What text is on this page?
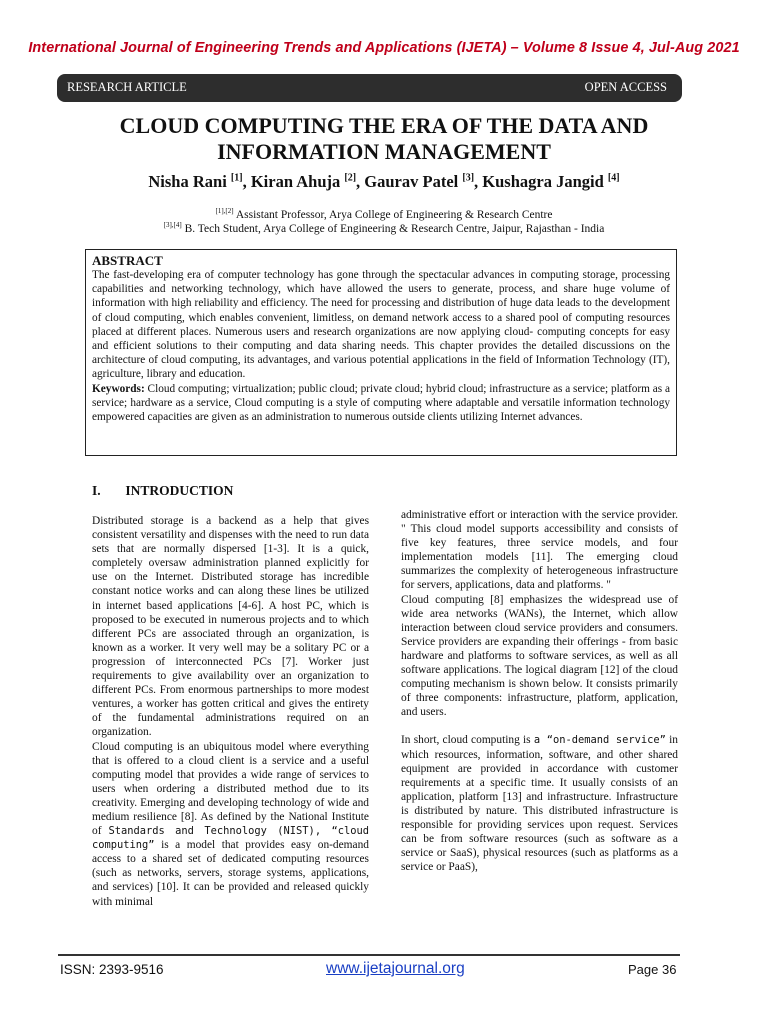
International Journal of Engineering Trends and Applications (IJETA) – Volume 8 Issue 4, Jul-Aug 2021
RESEARCH ARTICLE	OPEN ACCESS
CLOUD COMPUTING THE ERA OF THE DATA AND
INFORMATION MANAGEMENT
Nisha Rani [1], Kiran Ahuja [2], Gaurav Patel [3], Kushagra Jangid [4]
[1],[2] Assistant Professor, Arya College of Engineering & Research Centre
[3],[4] B. Tech Student, Arya College of Engineering & Research Centre, Jaipur, Rajasthan - India
ABSTRACT

The fast-developing era of computer technology has gone through the spectacular advances in computing storage, processing capabilities and networking technology, which have allowed the users to generate, process, and share huge volume of information with high reliability and efficiency. The need for processing and distribution of huge data leads to the development of cloud computing, which enables convenient, limitless, on demand network access to a shared pool of computing resources placed at different places. Numerous users and research organizations are now applying cloud- computing concepts for easy and efficient solutions to their computing and data sharing needs. This chapter provides the detailed discussions on the architecture of cloud computing, its advantages, and various potential applications in the field of Information Technology (IT), agriculture, library and education.

Keywords: Cloud computing; virtualization; public cloud; private cloud; hybrid cloud; infrastructure as a service; platform as a service; hardware as a service, Cloud computing is a style of computing where adaptable and versatile information technology empowered capacities are given as an administration to numerous outside clients utilizing Internet advances.

I. INTRODUCTION

Distributed storage is a backend as a help that gives consistent versatility and dispenses with the need to run data sets that are normally dispersed [1-3]. It is a quick, completely oversaw administration planned explicitly for use on the Internet. Distributed storage has incredible constant notice works and can along these lines be utilized in internet based applications [4-6]. A host PC, which is proposed to be executed in numerous projects and to which different PCs are associated through an organization, is known as a worker. It very well may be a solitary PC or a progression of interconnected PCs [7]. Worker just requirements to give availability over an organization to different PCs. From enormous partnerships to more modest ventures, a worker has gotten critical and gives the entirety of the fundamental administrations required on an organization.

Cloud computing is an ubiquitous model where everything that is offered to a cloud client is a service and a useful computing model that provides a wide range of services to users when ordering a distributed method due to its creativity. Emerging and developing technology of wide and medium resilience [8]. As defined by the National Institute of Standards and Technology (NIST), “cloud computing” is a model that provides easy on-demand access to a shared set of dedicated computing resources (such as networks, servers, storage systems, applications, and services) [10]. It can be provided and released quickly with minimal

administrative effort or interaction with the service provider. " This cloud model supports accessibility and consists of five key features, three service models, and four implementation models [11]. The emerging cloud summarizes the complexity of heterogeneous infrastructure for servers, applications, data and platforms. "

Cloud computing [8] emphasizes the widespread use of wide area networks (WANs), the Internet, which allow interaction between cloud service providers and consumers. Service providers are expanding their offerings - from basic hardware and platforms to software services, as well as all software applications. The logical diagram [12] of the cloud computing mechanism is shown below. It consists primarily of three components: infrastructure, platform, application, and users.

In short, cloud computing is a “on-demand service” in which resources, information, software, and other shared equipment are provided in accordance with customer requirements at a specific time. It usually consists of an application, platform [13] and infrastructure. Infrastructure is distributed by nature. This distributed infrastructure is responsible for providing services upon request. Services can be from software resources (such as software as a service or SaaS), physical resources (such as platforms as a service or PaaS),

ISSN: 2393-9516	www.ijetajournal.org	Page 36
